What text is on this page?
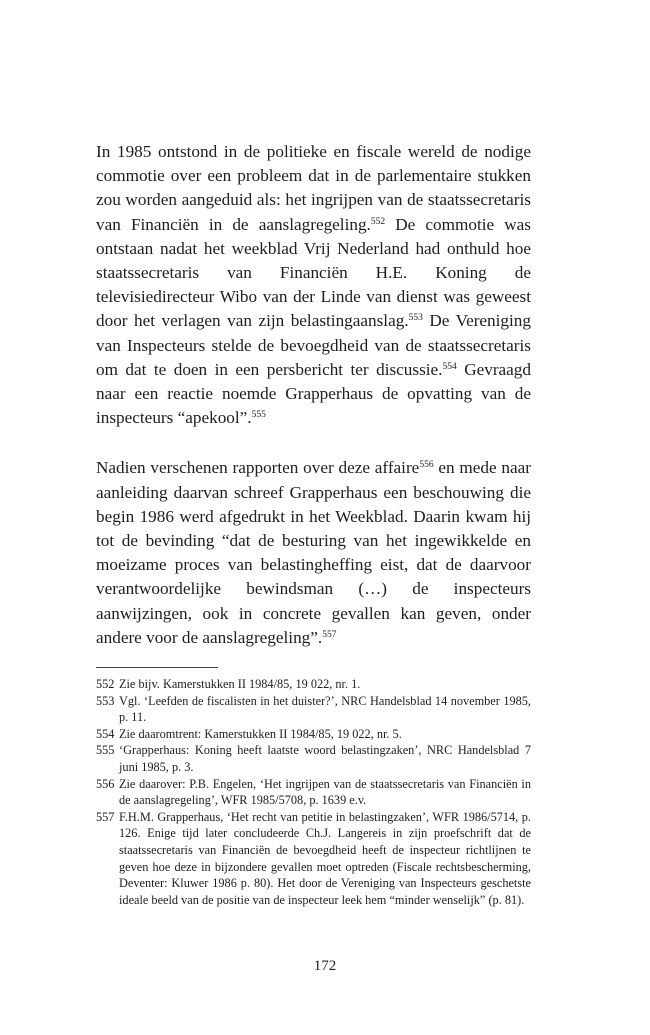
In 1985 ontstond in de politieke en fiscale wereld de nodige commotie over een probleem dat in de parlementaire stukken zou worden aangeduid als: het ingrijpen van de staatssecretaris van Financiën in de aanslagregeling.$^{552}$ De commotie was ontstaan nadat het weekblad Vrij Nederland had onthuld hoe staatssecretaris van Financiën H.E. Koning de televisiedirecteur Wibo van der Linde van dienst was geweest door het verlagen van zijn belastingaanslag.$^{553}$ De Vereniging van Inspecteurs stelde de bevoegdheid van de staatssecretaris om dat te doen in een persbericht ter discussie.$^{554}$ Gevraagd naar een reactie noemde Grapperhaus de opvatting van de inspecteurs “apekool”.$^{555}$

Nadien verschenen rapporten over deze affaire$^{556}$ en mede naar aanleiding daarvan schreef Grapperhaus een beschouwing die begin 1986 werd afgedrukt in het Weekblad. Daarin kwam hij tot de bevinding “dat de besturing van het ingewikkelde en moeizame proces van belastingheffing eist, dat de daarvoor verantwoordelijke bewindsman (…) de inspecteurs aanwijzingen, ook in concrete gevallen kan geven, onder andere voor de aanslagregeling”.$^{557}$

552 Zie bijv. Kamerstukken II 1984/85, 19 022, nr. 1.
553 Vgl. ‘Leefden de fiscalisten in het duister?’, NRC Handelsblad 14 november 1985, p. 11.
554 Zie daaromtrent: Kamerstukken II 1984/85, 19 022, nr. 5.
555 ‘Grapperhaus: Koning heeft laatste woord belastingzaken’, NRC Handelsblad 7 juni 1985, p. 3.
556 Zie daarover: P.B. Engelen, ‘Het ingrijpen van de staatssecretaris van Financiën in de aanslagregeling’, WFR 1985/5708, p. 1639 e.v.
557 F.H.M. Grapperhaus, ‘Het recht van petitie in belastingzaken’, WFR 1986/5714, p. 126. Enige tijd later concludeerde Ch.J. Langereis in zijn proefschrift dat de staatssecretaris van Financiën de bevoegdheid heeft de inspecteur richtlijnen te geven hoe deze in bijzondere gevallen moet optreden (Fiscale rechtsbescherming, Deventer: Kluwer 1986 p. 80). Het door de Vereniging van Inspecteurs geschetste ideale beeld van de positie van de inspecteur leek hem “minder wenselijk” (p. 81).
172
